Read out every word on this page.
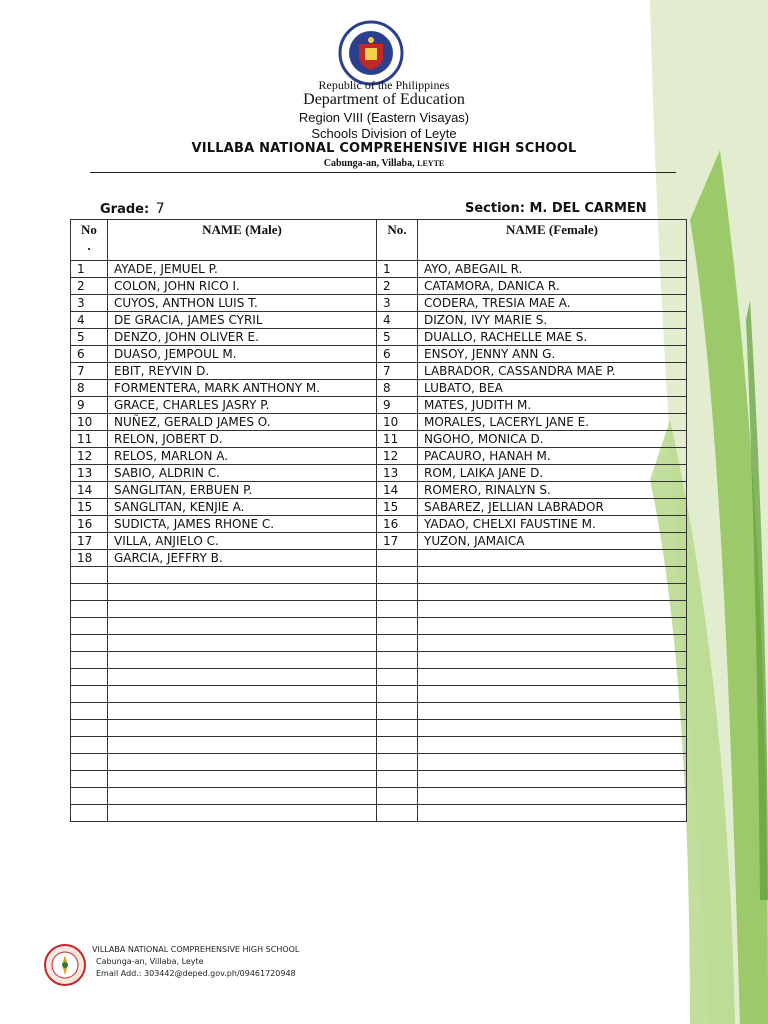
Republic of the Philippines
Department of Education
Region VIII (Eastern Visayas)
Schools Division of Leyte
VILLABA NATIONAL COMPREHENSIVE HIGH SCHOOL
Cabunga-an, Villaba, LEYTE
Grade: 7	Section: M. DEL CARMEN
No
.	NAME (Male)	No.	NAME (Female)
1	AYADE, JEMUEL P.	1	AYO, ABEGAIL R.
2	COLON, JOHN RICO I.	2	CATAMORA, DANICA R.
3	CUYOS, ANTHON LUIS T.	3	CODERA, TRESIA MAE A.
4	DE GRACIA, JAMES CYRIL	4	DIZON, IVY MARIE S.
5	DENZO, JOHN OLIVER E.	5	DUALLO, RACHELLE MAE S.
6	DUASO, JEMPOUL M.	6	ENSOY, JENNY ANN G.
7	EBIT, REYVIN D.	7	LABRADOR, CASSANDRA MAE P.
8	FORMENTERA, MARK ANTHONY M.	8	LUBATO, BEA
9	GRACE, CHARLES JASRY P.	9	MATES, JUDITH M.
10	NUÑEZ, GERALD JAMES O.	10	MORALES, LACERYL JANE E.
11	RELON, JOBERT D.	11	NGOHO, MONICA D.
12	RELOS, MARLON A.	12	PACAURO, HANAH M.
13	SABIO, ALDRIN C.	13	ROM, LAIKA JANE D.
14	SANGLITAN, ERBUEN P.	14	ROMERO, RINALYN S.
15	SANGLITAN, KENJIE A.	15	SABAREZ, JELLIAN LABRADOR
16	SUDICTA, JAMES RHONE C.	16	YADAO, CHELXI FAUSTINE M.
17	VILLA, ANJIELO C.	17	YUZON, JAMAICA
18	GARCIA, JEFFRY B.		

VILLABA NATIONAL COMPREHENSIVE HIGH SCHOOL
Cabunga-an, Villaba, Leyte
Email Add.: 303442@deped.gov.ph/09461720948
